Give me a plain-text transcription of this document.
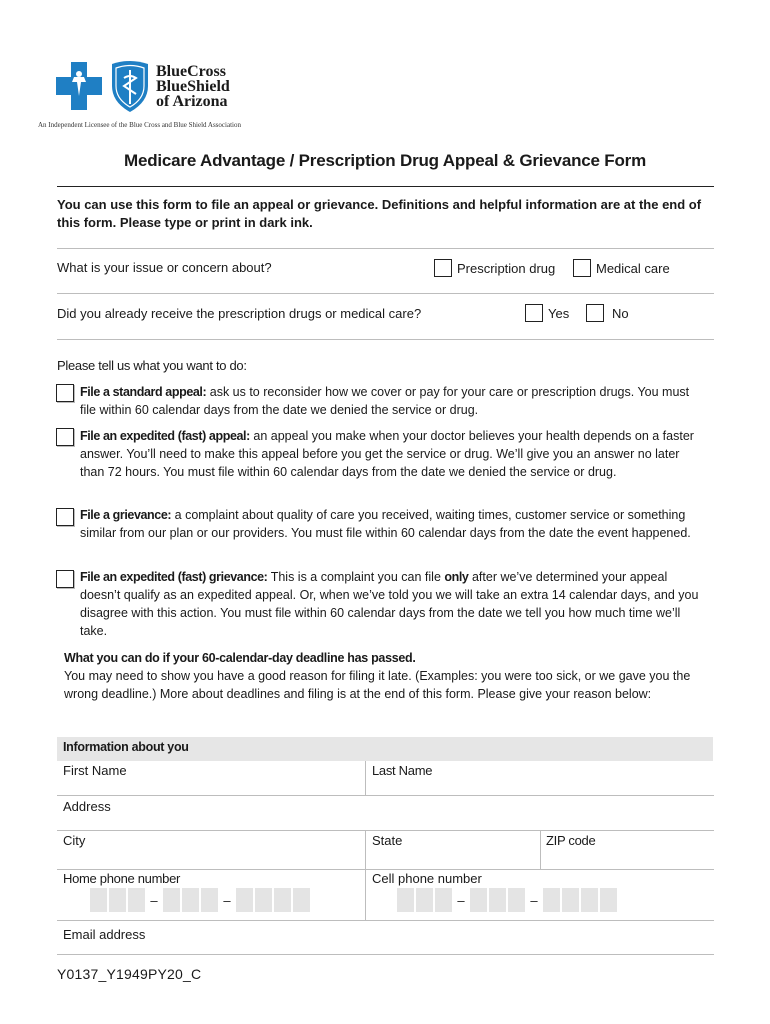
BlueCross
BlueShield
of Arizona
An Independent Licensee of the Blue Cross and Blue Shield Association
Medicare Advantage / Prescription Drug Appeal & Grievance Form
You can use this form to file an appeal or grievance. Definitions and helpful information are at the end of this form. Please type or print in dark ink.
What is your issue or concern about?	Prescription drug	Medical care
Did you already receive the prescription drugs or medical care?	Yes	No
Please tell us what you want to do:
File a standard appeal: ask us to reconsider how we cover or pay for your care or prescription drugs. You must file within 60 calendar days from the date we denied the service or drug.
File an expedited (fast) appeal: an appeal you make when your doctor believes your health depends on a faster answer. You’ll need to make this appeal before you get the service or drug. We’ll give you an answer no later than 72 hours. You must file within 60 calendar days from the date we denied the service or drug.
File a grievance: a complaint about quality of care you received, waiting times, customer service or something similar from our plan or our providers. You must file within 60 calendar days from the date the event happened.
File an expedited (fast) grievance: This is a complaint you can file only after we’ve determined your appeal doesn’t qualify as an expedited appeal. Or, when we’ve told you we will take an extra 14 calendar days, and you disagree with this action. You must file within 60 calendar days from the date we tell you how much time we’ll take.
What you can do if your 60-calendar-day deadline has passed.
You may need to show you have a good reason for filing it late. (Examples: you were too sick, or we gave you the wrong deadline.) More about deadlines and filing is at the end of this form. Please give your reason below:
Information about you
First Name	Last Name
Address
City	State	ZIP code
Home phone number	Cell phone number
–	–	–	–
Email address
Y0137_Y1949PY20_C
